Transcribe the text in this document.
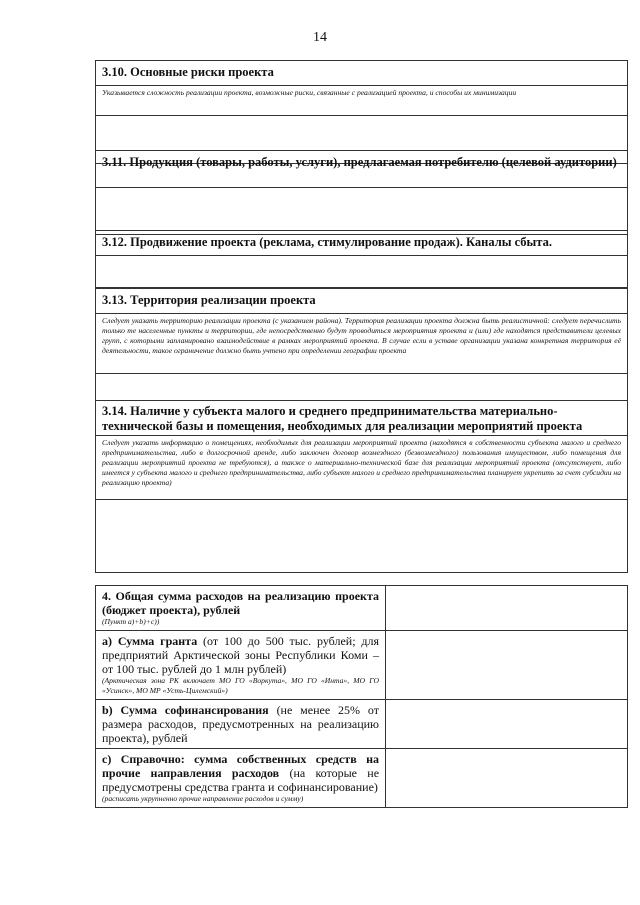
14
3.10. Основные риски проекта
Указывается сложность реализации проекта, возможные риски, связанные с реализацией проекта, и способы их минимизации
3.11. Продукция (товары, работы, услуги), предлагаемая потребителю (целевой аудитории)
3.12. Продвижение проекта (реклама, стимулирование продаж). Каналы сбыта.
3.13. Территория реализации проекта
Следует указать территорию реализации проекта (с указанием района). Территория реализации проекта должна быть реалистичной: следует перечислить только те населенные пункты и территории, где непосредственно будут проводиться мероприятия проекта и (или) где находятся представители целевых групп, с которыми запланировано взаимодействие в рамках мероприятий проекта. В случае если в уставе организации указана конкретная территория её деятельности, такое ограничение должно быть учтено при определении географии проекта
3.14. Наличие у субъекта малого и среднего предпринимательства материально-технической базы и помещения, необходимых для реализации мероприятий проекта
Следует указать информацию о помещениях, необходимых для реализации мероприятий проекта (находятся в собственности субъекта малого и среднего предпринимательства, либо в долгосрочной аренде, либо заключен договор возмездного (безвозмездного) пользования имуществом, либо помещения для реализации мероприятий проекта не требуются), а также о материально-технической базе для реализации мероприятий проекта (отсутствует, либо имеется у субъекта малого и среднего предпринимательства, либо субъект малого и среднего предпринимательства планирует укрепить за счет субсидии на реализацию проекта)
4. Общая сумма расходов на реализацию проекта (бюджет проекта), рублей
(Пункт а)+b)+c))
a) Сумма гранта (от 100 до 500 тыс. рублей; для предприятий Арктической зоны Республики Коми – от 100 тыс. рублей до 1 млн рублей)
(Арктическая зона РК включает МО ГО «Воркута», МО ГО «Инта», МО ГО «Усинск», МО МР «Усть-Цилемский»)
b) Сумма софинансирования (не менее 25% от размера расходов, предусмотренных на реализацию проекта), рублей
c) Справочно: сумма собственных средств на прочие направления расходов (на которые не предусмотрены средства гранта и софинансирование)
(расписать укрупненно прочие направление расходов и сумму)
